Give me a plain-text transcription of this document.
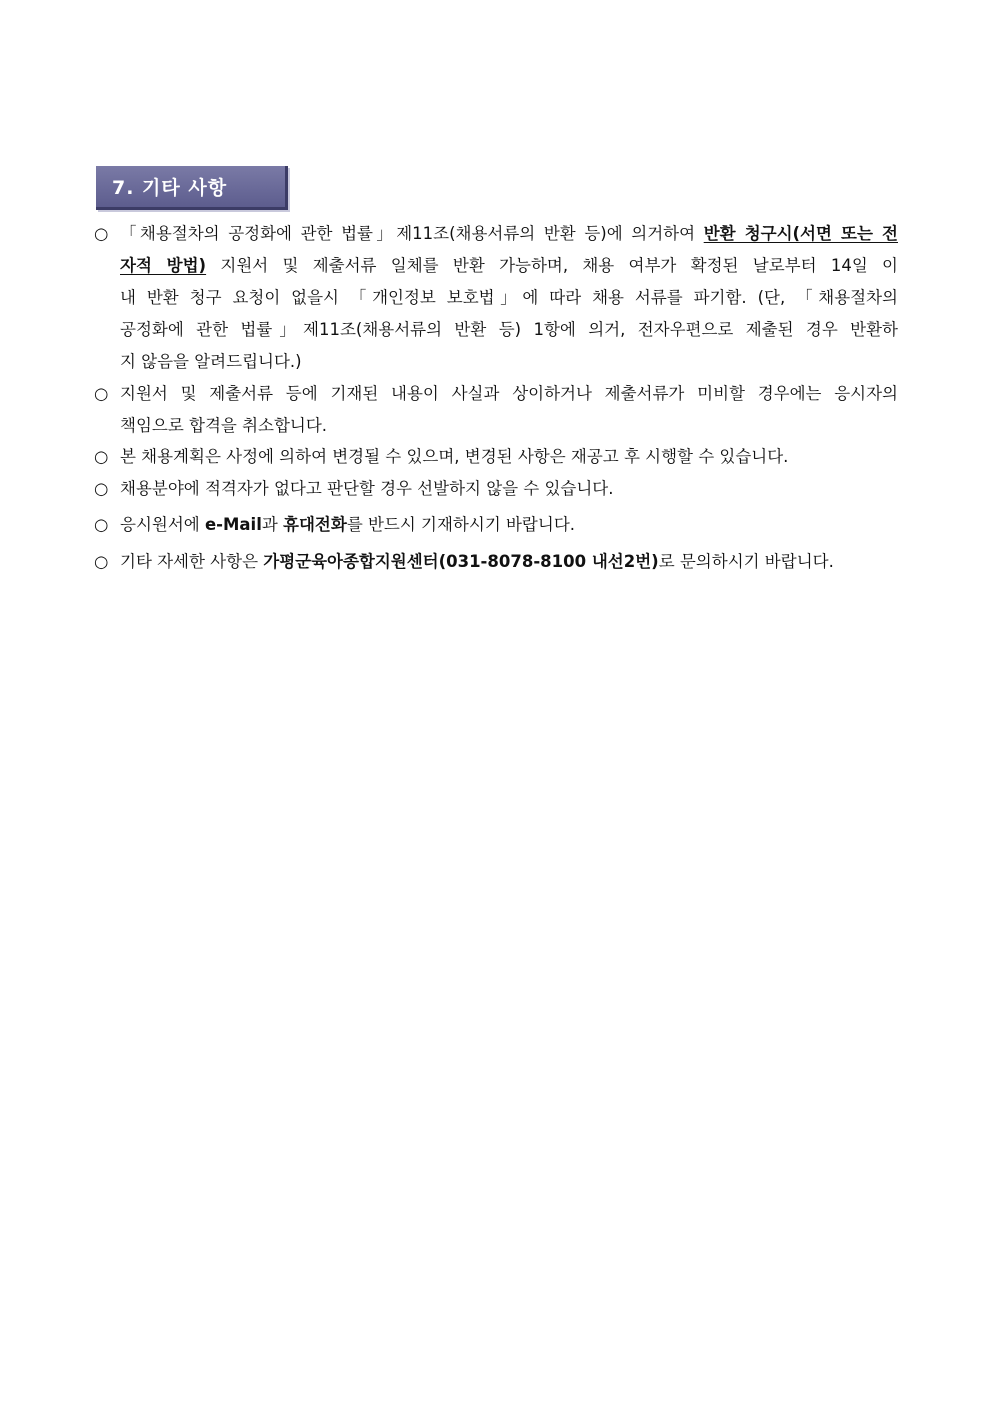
7. 기타 사항
○ 「채용절차의 공정화에 관한 법률」제11조(채용서류의 반환 등)에 의거하여 반환 청구시(서면 또는 전
자적 방법) 지원서 및 제출서류 일체를 반환 가능하며, 채용 여부가 확정된 날로부터 14일 이
내 반환 청구 요청이 없을시 「개인정보 보호법」에 따라 채용 서류를 파기함. (단, 「채용절차의
공정화에 관한 법률」제11조(채용서류의 반환 등) 1항에 의거, 전자우편으로 제출된 경우 반환하
지 않음을 알려드립니다.)
○ 지원서 및 제출서류 등에 기재된 내용이 사실과 상이하거나 제출서류가 미비할 경우에는 응시자의
책임으로 합격을 취소합니다.
○ 본 채용계획은 사정에 의하여 변경될 수 있으며, 변경된 사항은 재공고 후 시행할 수 있습니다.
○ 채용분야에 적격자가 없다고 판단할 경우 선발하지 않을 수 있습니다.
○ 응시원서에 e-Mail과 휴대전화를 반드시 기재하시기 바랍니다.
○ 기타 자세한 사항은 가평군육아종합지원센터(031-8078-8100 내선2번)로 문의하시기 바랍니다.
